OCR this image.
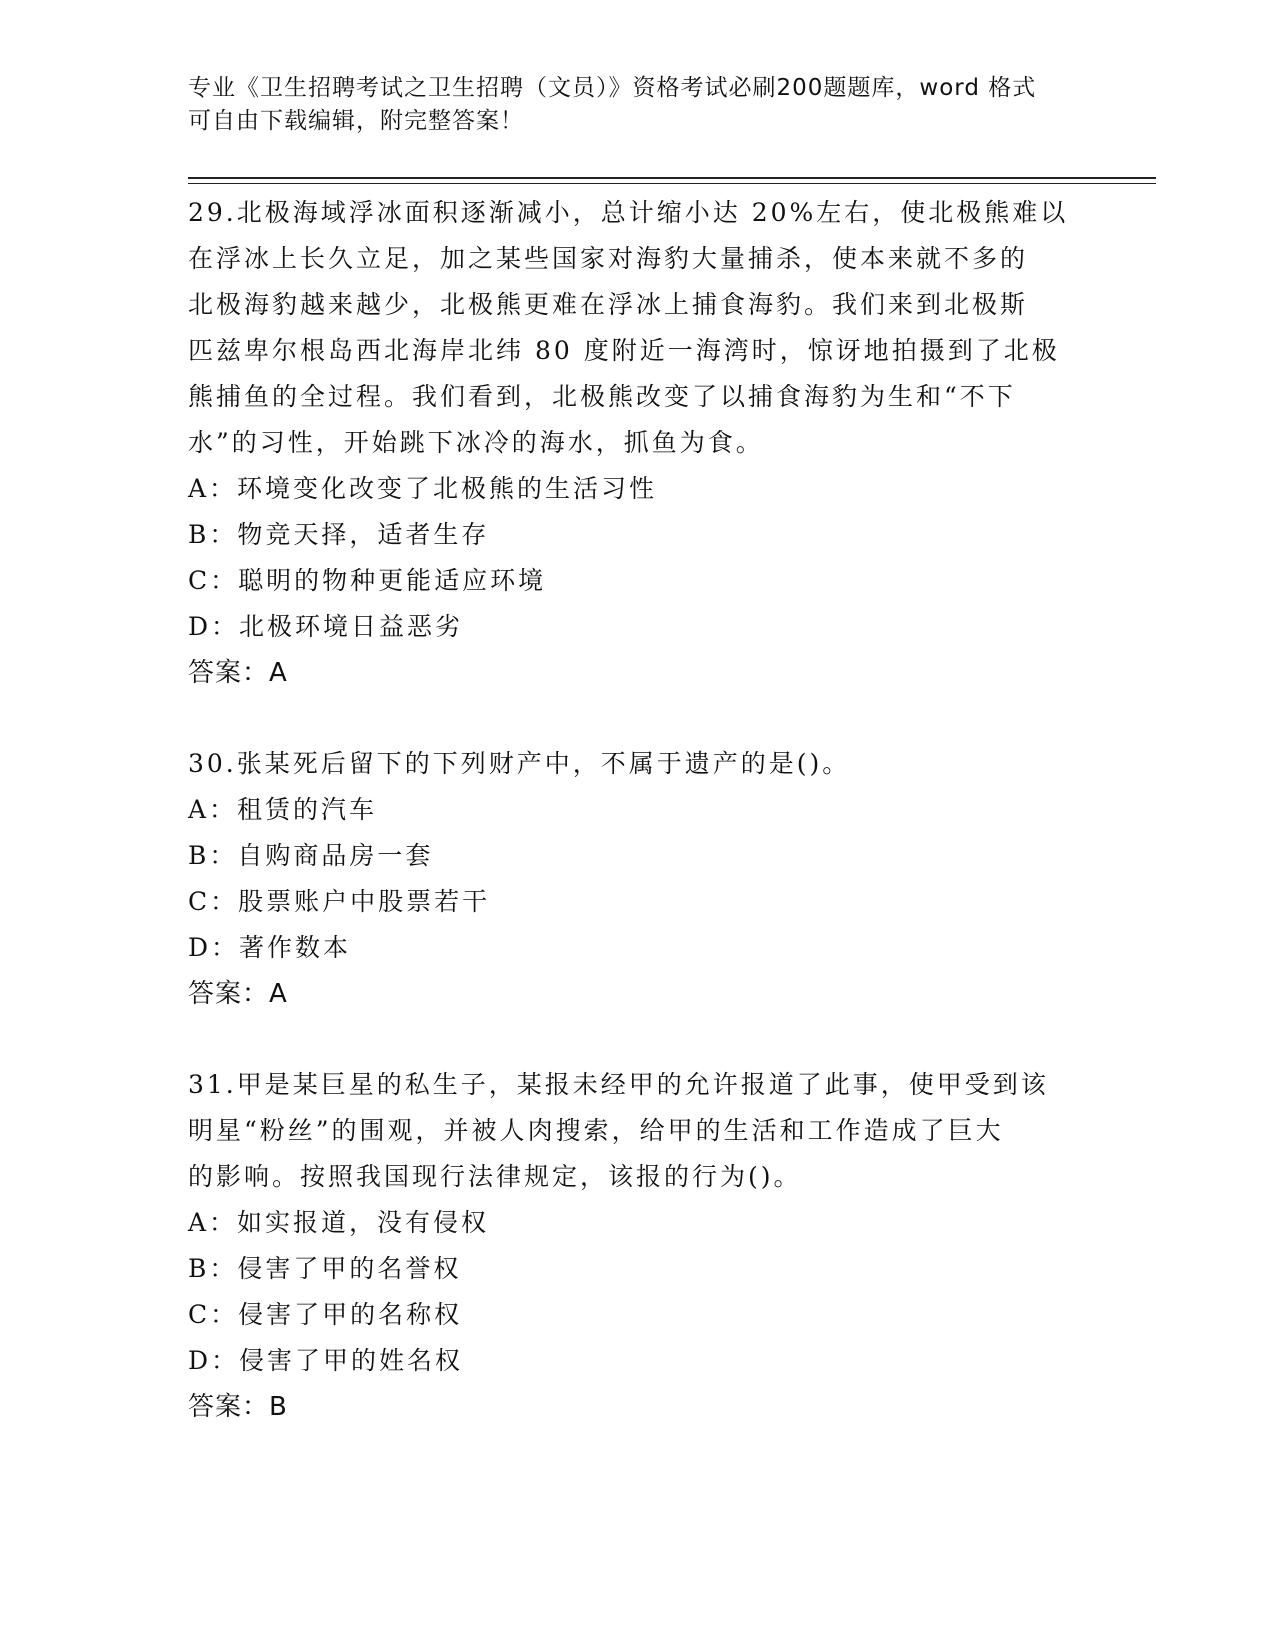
专业《卫生招聘考试之卫生招聘（文员）》资格考试必刷200题题库，word 格式
可自由下载编辑，附完整答案！
29.北极海域浮冰面积逐渐减小，总计缩小达 20%左右，使北极熊难以
在浮冰上长久立足，加之某些国家对海豹大量捕杀，使本来就不多的
北极海豹越来越少，北极熊更难在浮冰上捕食海豹。我们来到北极斯
匹兹卑尔根岛西北海岸北纬 80 度附近一海湾时，惊讶地拍摄到了北极
熊捕鱼的全过程。我们看到，北极熊改变了以捕食海豹为生和“不下
水”的习性，开始跳下冰冷的海水，抓鱼为食。
A：环境变化改变了北极熊的生活习性
B：物竞天择，适者生存
C：聪明的物种更能适应环境
D：北极环境日益恶劣
答案：A
30.张某死后留下的下列财产中，不属于遗产的是()。
A：租赁的汽车
B：自购商品房一套
C：股票账户中股票若干
D：著作数本
答案：A
31.甲是某巨星的私生子，某报未经甲的允许报道了此事，使甲受到该
明星“粉丝”的围观，并被人肉搜索，给甲的生活和工作造成了巨大
的影响。按照我国现行法律规定，该报的行为()。
A：如实报道，没有侵权
B：侵害了甲的名誉权
C：侵害了甲的名称权
D：侵害了甲的姓名权
答案：B
